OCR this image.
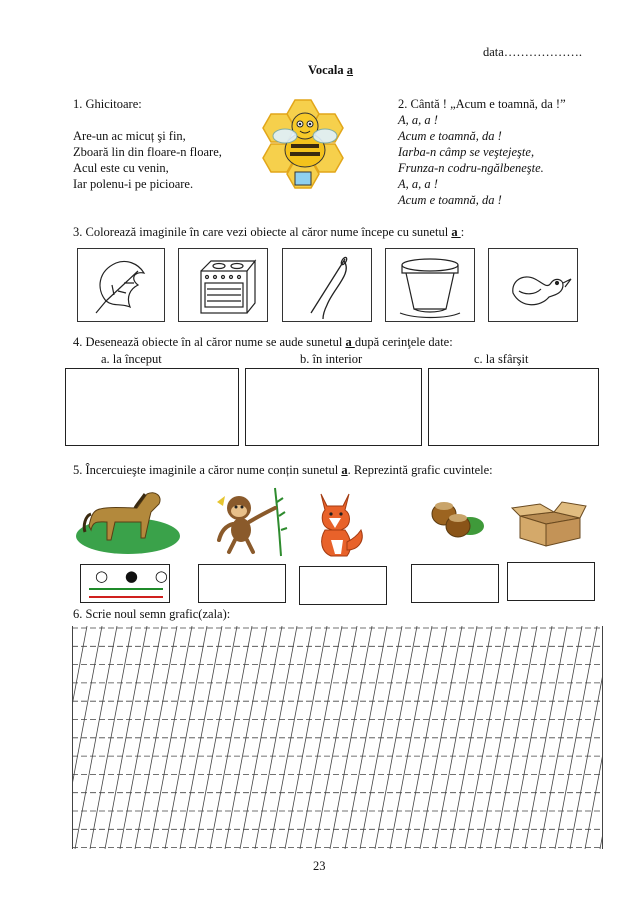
data……………….
Vocala a
1. Ghicitoare:
Are-un ac micuț şi fin,
Zboară lin din floare-n floare,
Acul este cu venin,
Iar polenu-i pe picioare.
2. Cântă ! „Acum e toamnă, da !”
A, a, a !
Acum e toamnă, da !
Iarba-n câmp se veştejeşte,
Frunza-n codru-ngălbeneşte.
A, a, a !
Acum e toamnă, da !
3. Colorează imaginile în care vezi obiecte al căror nume începe cu sunetul a :
4. Desenează obiecte în al căror nume se aude sunetul a după cerinţele date:
a. la început	b. în interior	c. la sfârşit
5. Încercuieşte imaginile a căror nume conțin sunetul a. Reprezintă grafic cuvintele:
○ ● ○
6. Scrie noul semn grafic(zala):
23
